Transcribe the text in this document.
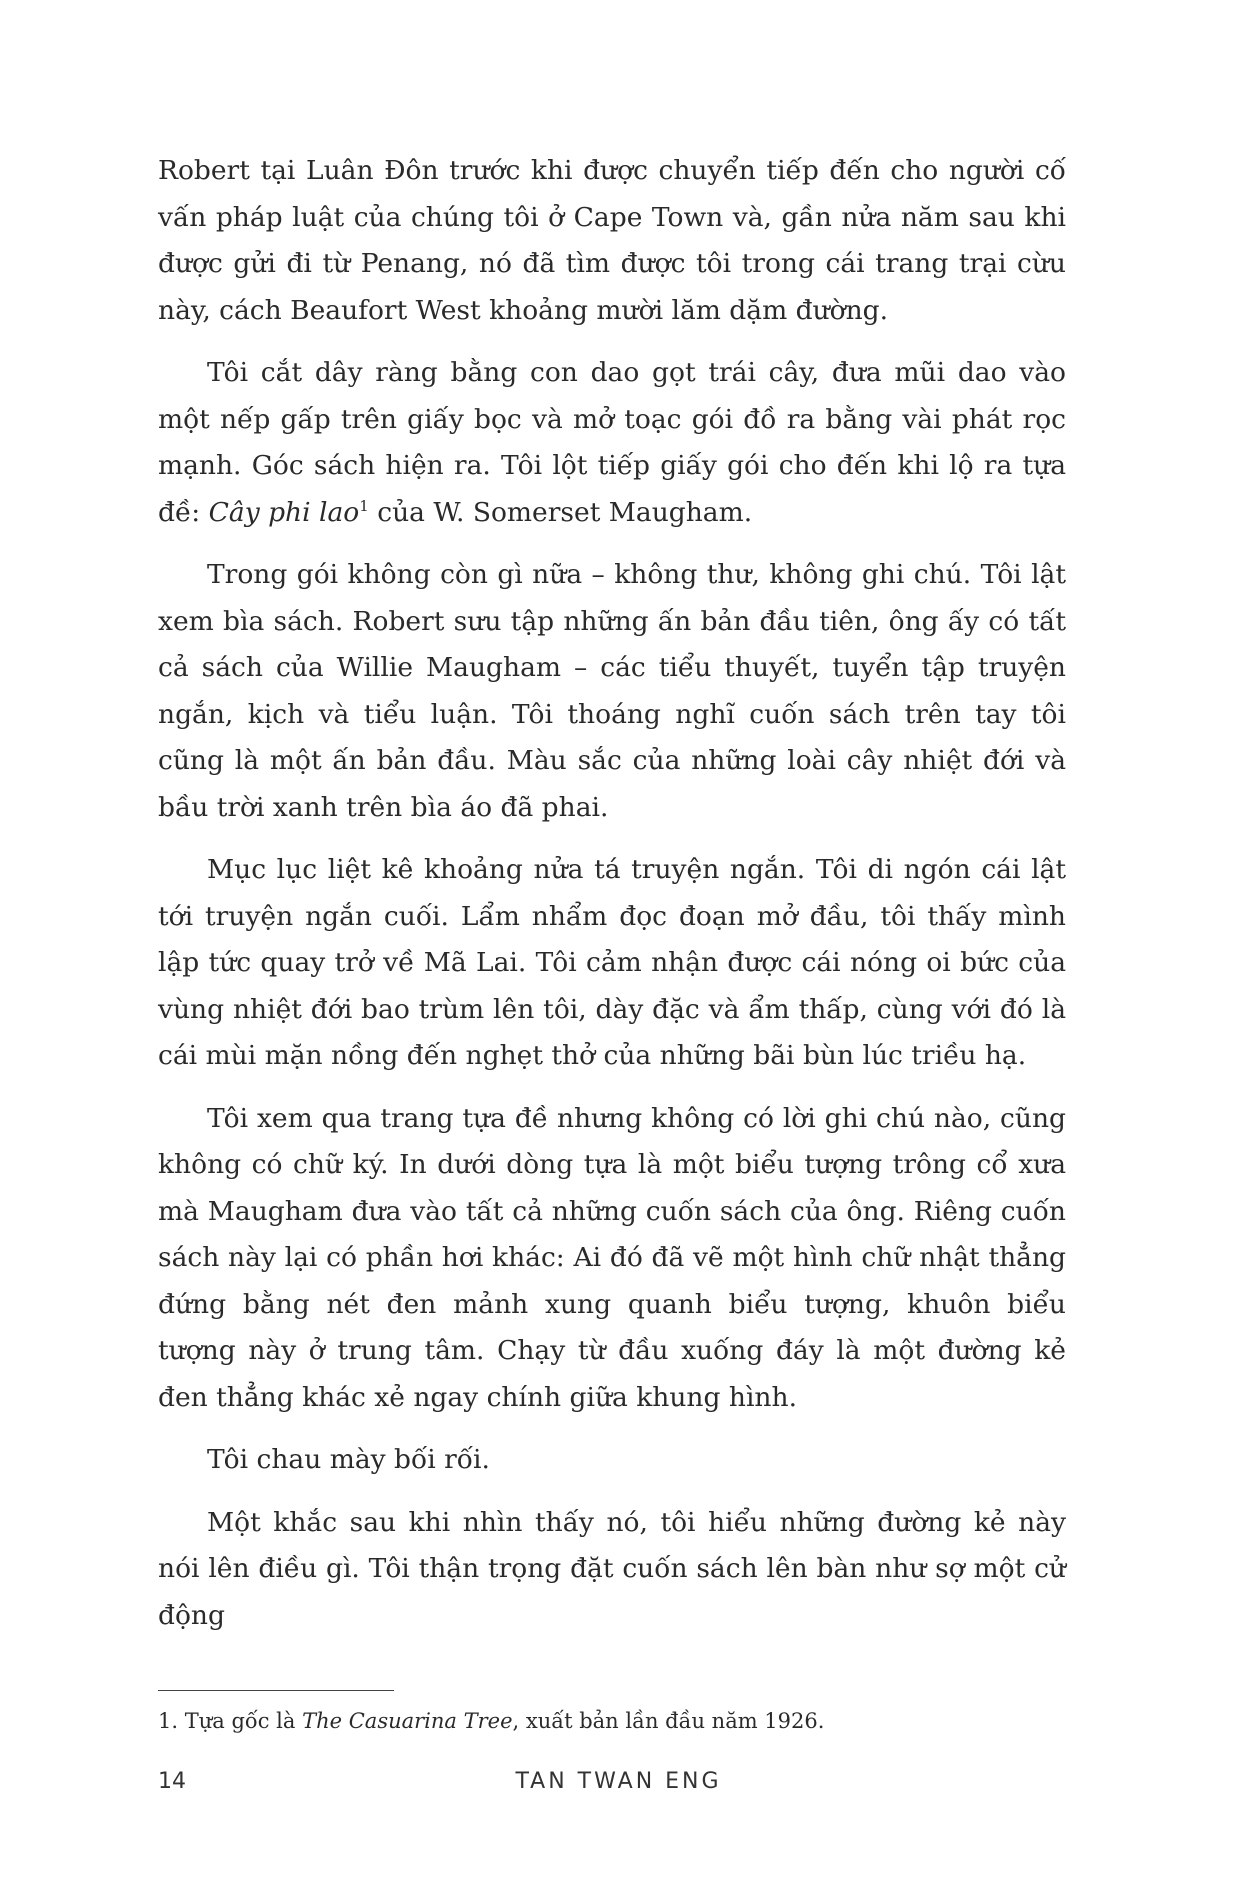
Robert tại Luân Đôn trước khi được chuyển tiếp đến cho người cố vấn pháp luật của chúng tôi ở Cape Town và, gần nửa năm sau khi được gửi đi từ Penang, nó đã tìm được tôi trong cái trang trại cừu này, cách Beaufort West khoảng mười lăm dặm đường.

Tôi cắt dây ràng bằng con dao gọt trái cây, đưa mũi dao vào một nếp gấp trên giấy bọc và mở toạc gói đồ ra bằng vài phát rọc mạnh. Góc sách hiện ra. Tôi lột tiếp giấy gói cho đến khi lộ ra tựa đề: Cây phi lao$^1$ của W. Somerset Maugham.

Trong gói không còn gì nữa – không thư, không ghi chú. Tôi lật xem bìa sách. Robert sưu tập những ấn bản đầu tiên, ông ấy có tất cả sách của Willie Maugham – các tiểu thuyết, tuyển tập truyện ngắn, kịch và tiểu luận. Tôi thoáng nghĩ cuốn sách trên tay tôi cũng là một ấn bản đầu. Màu sắc của những loài cây nhiệt đới và bầu trời xanh trên bìa áo đã phai.

Mục lục liệt kê khoảng nửa tá truyện ngắn. Tôi di ngón cái lật tới truyện ngắn cuối. Lẩm nhẩm đọc đoạn mở đầu, tôi thấy mình lập tức quay trở về Mã Lai. Tôi cảm nhận được cái nóng oi bức của vùng nhiệt đới bao trùm lên tôi, dày đặc và ẩm thấp, cùng với đó là cái mùi mặn nồng đến nghẹt thở của những bãi bùn lúc triều hạ.

Tôi xem qua trang tựa đề nhưng không có lời ghi chú nào, cũng không có chữ ký. In dưới dòng tựa là một biểu tượng trông cổ xưa mà Maugham đưa vào tất cả những cuốn sách của ông. Riêng cuốn sách này lại có phần hơi khác: Ai đó đã vẽ một hình chữ nhật thẳng đứng bằng nét đen mảnh xung quanh biểu tượng, khuôn biểu tượng này ở trung tâm. Chạy từ đầu xuống đáy là một đường kẻ đen thẳng khác xẻ ngay chính giữa khung hình.

Tôi chau mày bối rối.

Một khắc sau khi nhìn thấy nó, tôi hiểu những đường kẻ này nói lên điều gì. Tôi thận trọng đặt cuốn sách lên bàn như sợ một cử động

1. Tựa gốc là The Casuarina Tree, xuất bản lần đầu năm 1926.
14	TAN TWAN ENG
